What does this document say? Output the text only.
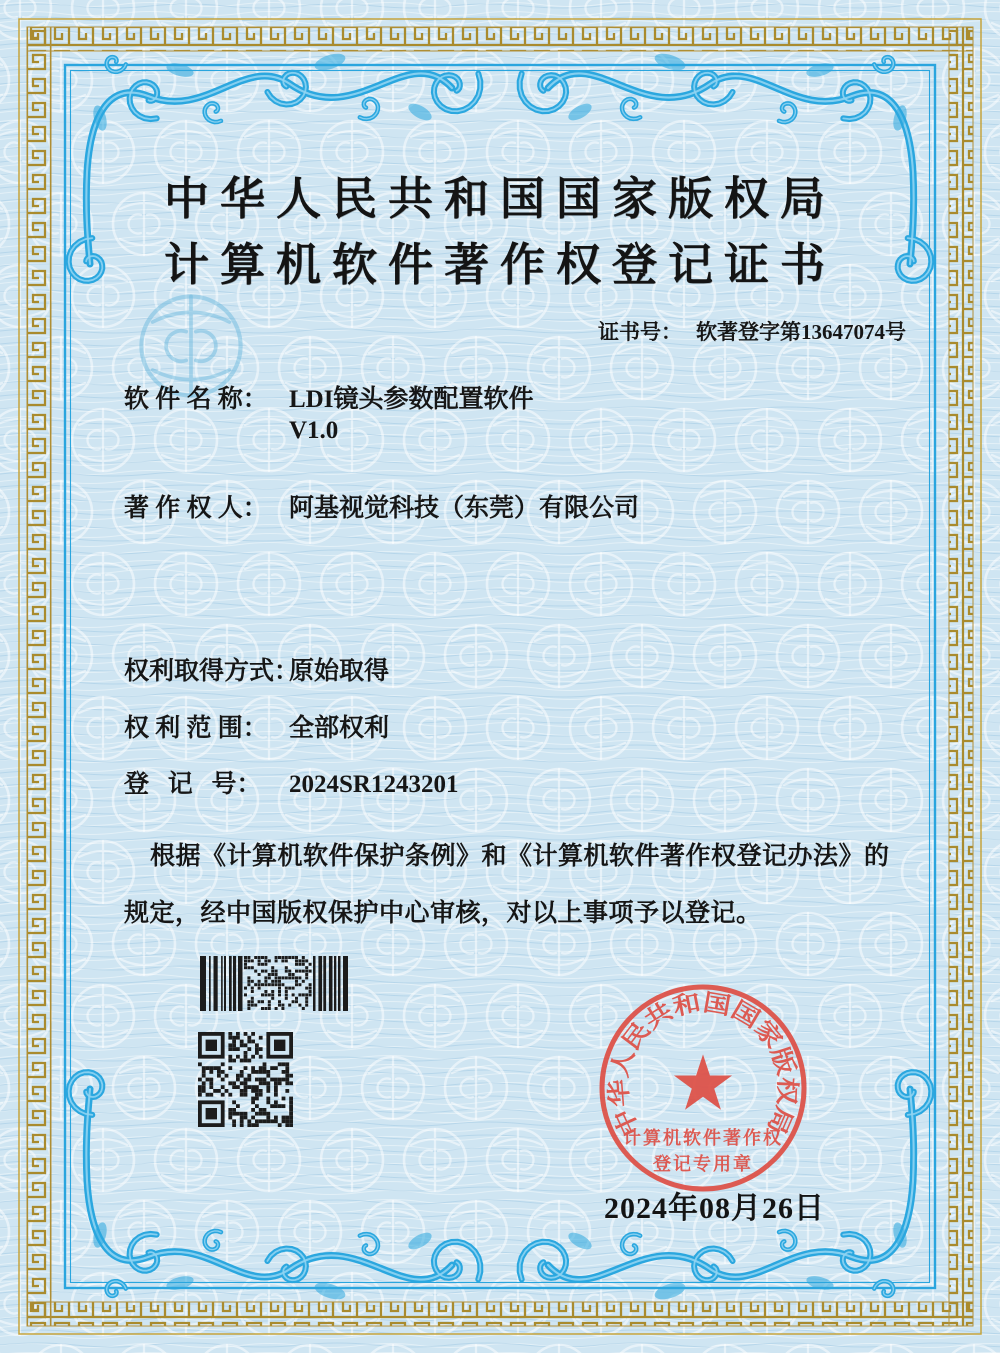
中华人民共和国国家版权局
计算机软件著作权登记证书
证书号： 软著登字第13647074号
软 件 名 称： LDI镜头参数配置软件
V1.0
著 作 权 人： 阿基视觉科技（东莞）有限公司
权利取得方式：原始取得
权 利 范 围： 全部权利
登   记   号： 2024SR1243201
根据《计算机软件保护条例》和《计算机软件著作权登记办法》的
规定，经中国版权保护中心审核，对以上事项予以登记。
中华人民共和国国家版权局
计算机软件著作权
登记专用章
2024年08月26日
